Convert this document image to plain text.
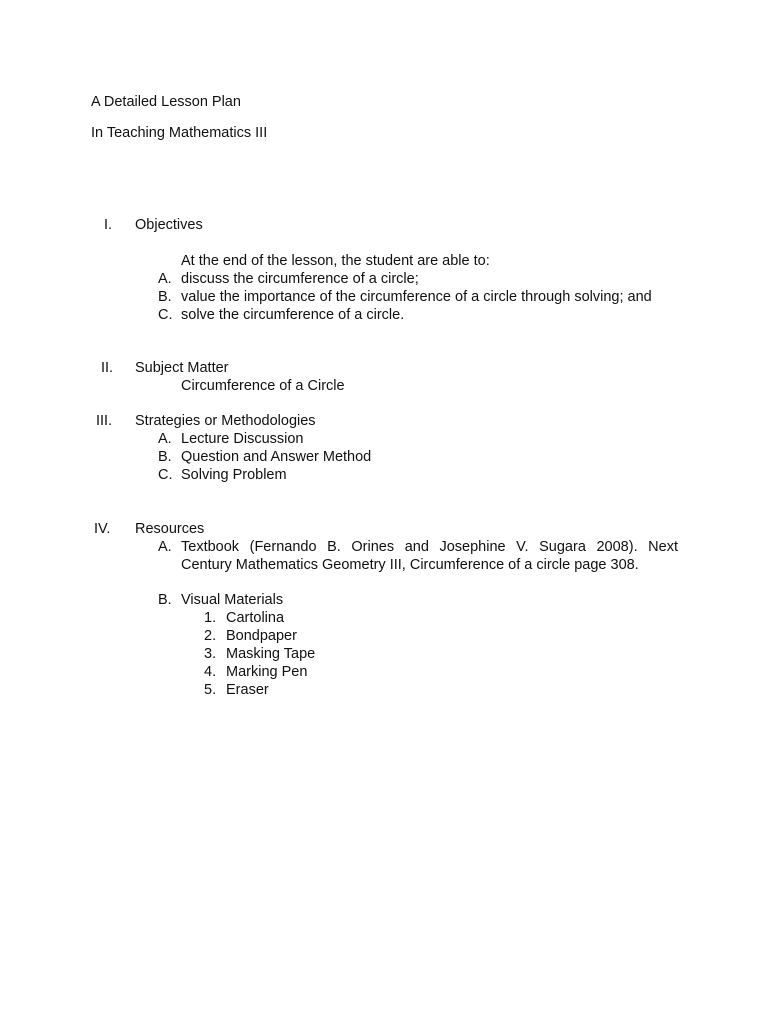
A Detailed Lesson Plan
In Teaching Mathematics III
I. Objectives
At the end of the lesson, the student are able to:
A. discuss the circumference of a circle;
B. value the importance of the circumference of a circle through solving; and
C. solve the circumference of a circle.
II. Subject Matter
Circumference of a Circle
III. Strategies or Methodologies
A. Lecture Discussion
B. Question and Answer Method
C. Solving Problem
IV. Resources
A. Textbook (Fernando B. Orines and Josephine V. Sugara 2008). Next
Century Mathematics Geometry III, Circumference of a circle page 308.
B. Visual Materials
1. Cartolina
2. Bondpaper
3. Masking Tape
4. Marking Pen
5. Eraser
